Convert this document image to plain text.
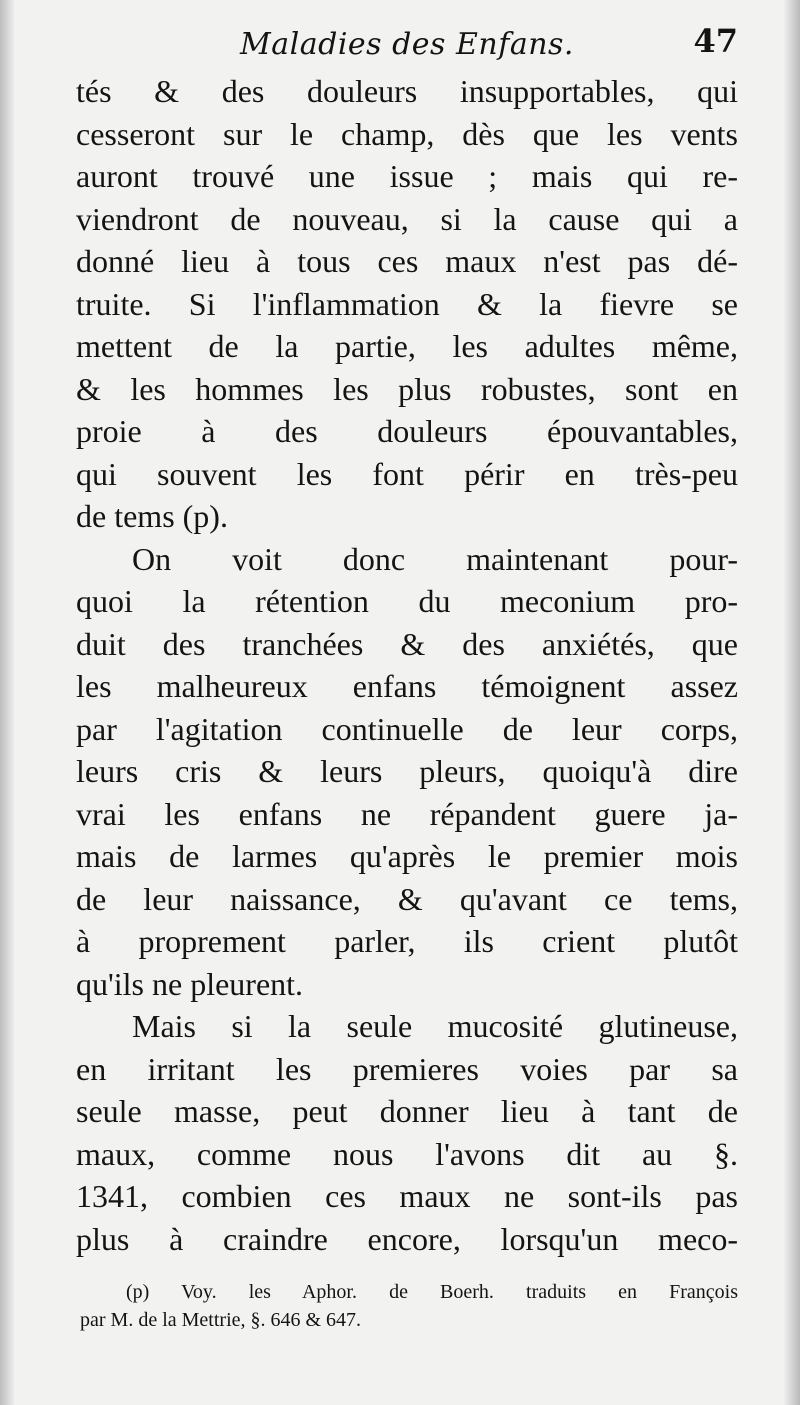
Maladies des Enfans.	47
tés & des douleurs insupportables, qui
cesseront sur le champ, dès que les vents
auront trouvé une issue ; mais qui re-
viendront de nouveau, si la cause qui a
donné lieu à tous ces maux n'est pas dé-
truite. Si l'inflammation & la fievre se
mettent de la partie, les adultes même,
& les hommes les plus robustes, sont en
proie à des douleurs épouvantables,
qui souvent les font périr en très-peu
de tems (p).
On voit donc maintenant pour-
quoi la rétention du meconium pro-
duit des tranchées & des anxiétés, que
les malheureux enfans témoignent assez
par l'agitation continuelle de leur corps,
leurs cris & leurs pleurs, quoiqu'à dire
vrai les enfans ne répandent guere ja-
mais de larmes qu'après le premier mois
de leur naissance, & qu'avant ce tems,
à proprement parler, ils crient plutôt
qu'ils ne pleurent.
Mais si la seule mucosité glutineuse,
en irritant les premieres voies par sa
seule masse, peut donner lieu à tant de
maux, comme nous l'avons dit au §.
1341, combien ces maux ne sont-ils pas
plus à craindre encore, lorsqu'un meco-
(p) Voy. les Aphor. de Boerh. traduits en François
par M. de la Mettrie, §. 646 & 647.
